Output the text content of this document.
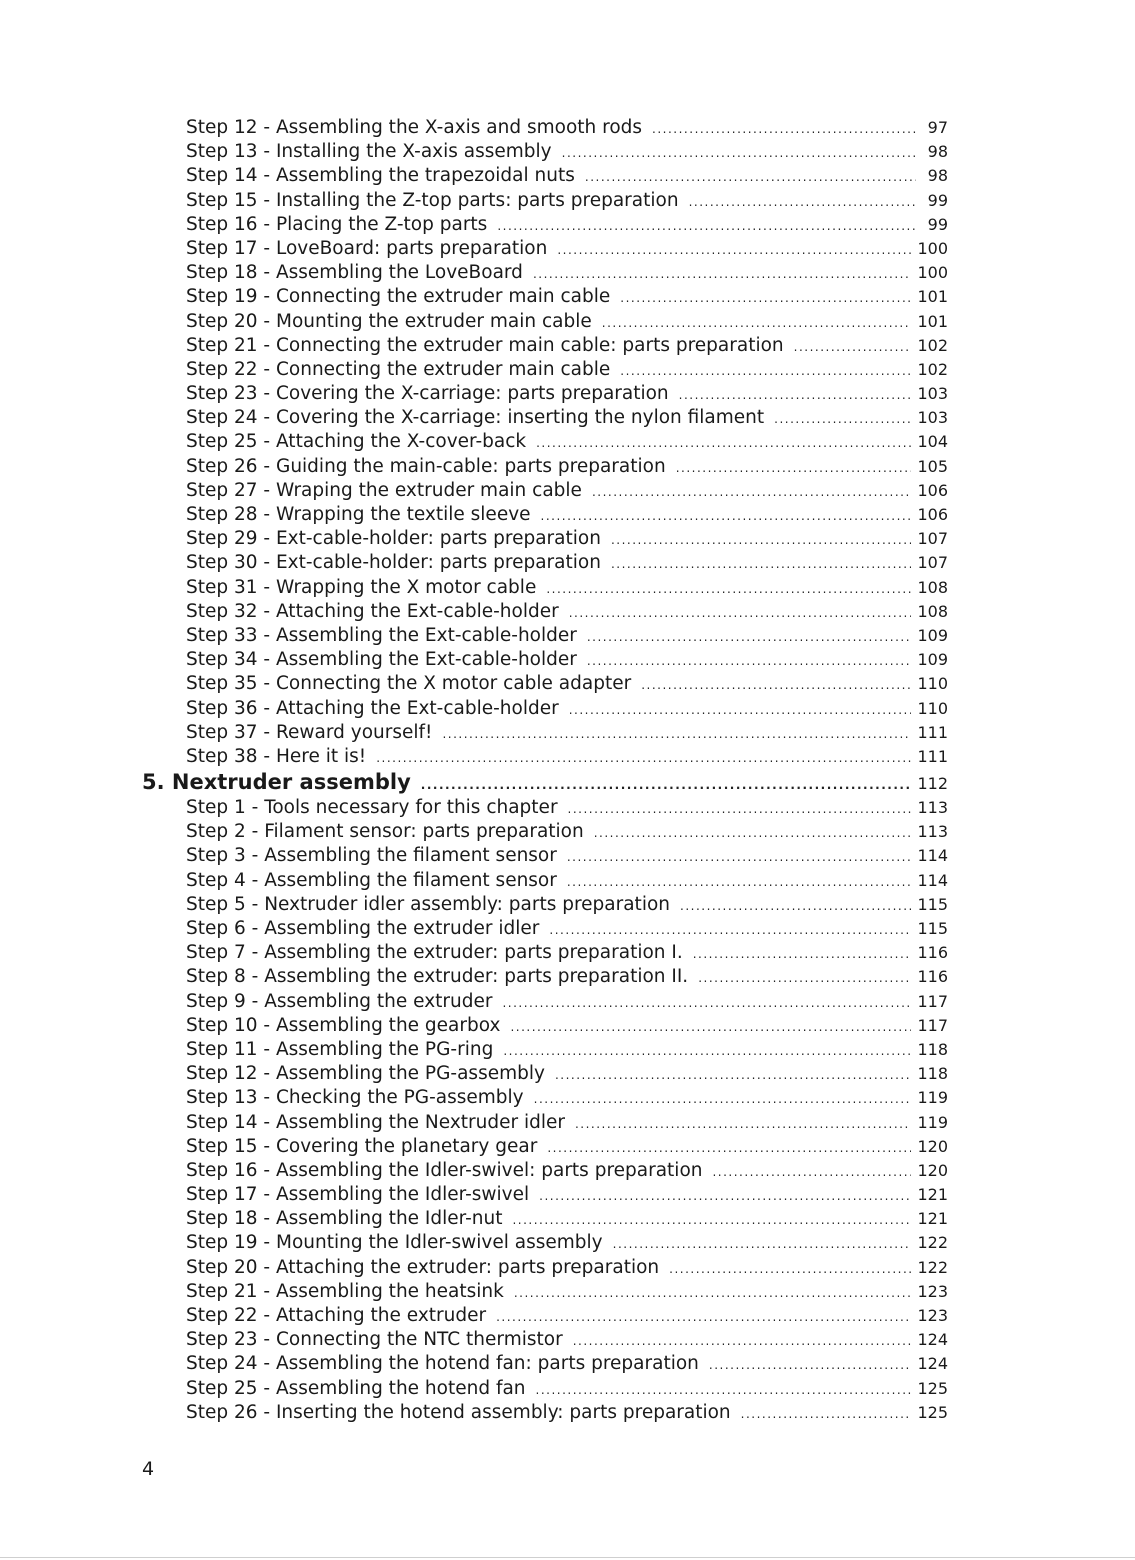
Step 12 - Assembling the X-axis and smooth rods .....	97
Step 13 - Installing the X-axis assembly .....	98
Step 14 - Assembling the trapezoidal nuts .....	98
Step 15 - Installing the Z-top parts: parts preparation .....	99
Step 16 - Placing the Z-top parts .....	99
Step 17 - LoveBoard: parts preparation .....	100
Step 18 - Assembling the LoveBoard .....	100
Step 19 - Connecting the extruder main cable .....	101
Step 20 - Mounting the extruder main cable .....	101
Step 21 - Connecting the extruder main cable: parts preparation .....	102
Step 22 - Connecting the extruder main cable .....	102
Step 23 - Covering the X-carriage: parts preparation .....	103
Step 24 - Covering the X-carriage: inserting the nylon filament .....	103
Step 25 - Attaching the X-cover-back .....	104
Step 26 - Guiding the main-cable: parts preparation .....	105
Step 27 - Wraping the extruder main cable .....	106
Step 28 - Wrapping the textile sleeve .....	106
Step 29 - Ext-cable-holder: parts preparation .....	107
Step 30 - Ext-cable-holder: parts preparation .....	107
Step 31 - Wrapping the X motor cable .....	108
Step 32 - Attaching the Ext-cable-holder .....	108
Step 33 - Assembling the Ext-cable-holder .....	109
Step 34 - Assembling the Ext-cable-holder .....	109
Step 35 - Connecting the X motor cable adapter .....	110
Step 36 - Attaching the Ext-cable-holder .....	110
Step 37 - Reward yourself! .....	111
Step 38 - Here it is! .....	111
5. Nextruder assembly .....	112
Step 1 - Tools necessary for this chapter .....	113
Step 2 - Filament sensor: parts preparation .....	113
Step 3 - Assembling the filament sensor .....	114
Step 4 - Assembling the filament sensor .....	114
Step 5 - Nextruder idler assembly: parts preparation .....	115
Step 6 - Assembling the extruder idler .....	115
Step 7 - Assembling the extruder: parts preparation I. .....	116
Step 8 - Assembling the extruder: parts preparation II. .....	116
Step 9 - Assembling the extruder .....	117
Step 10 - Assembling the gearbox .....	117
Step 11 - Assembling the PG-ring .....	118
Step 12 - Assembling the PG-assembly .....	118
Step 13 - Checking the PG-assembly .....	119
Step 14 - Assembling the Nextruder idler .....	119
Step 15 - Covering the planetary gear .....	120
Step 16 - Assembling the Idler-swivel: parts preparation .....	120
Step 17 - Assembling the Idler-swivel .....	121
Step 18 - Assembling the Idler-nut .....	121
Step 19 - Mounting the Idler-swivel assembly .....	122
Step 20 - Attaching the extruder: parts preparation .....	122
Step 21 - Assembling the heatsink .....	123
Step 22 - Attaching the extruder .....	123
Step 23 - Connecting the NTC thermistor .....	124
Step 24 - Assembling the hotend fan: parts preparation .....	124
Step 25 - Assembling the hotend fan .....	125
Step 26 - Inserting the hotend assembly: parts preparation .....	125
4
